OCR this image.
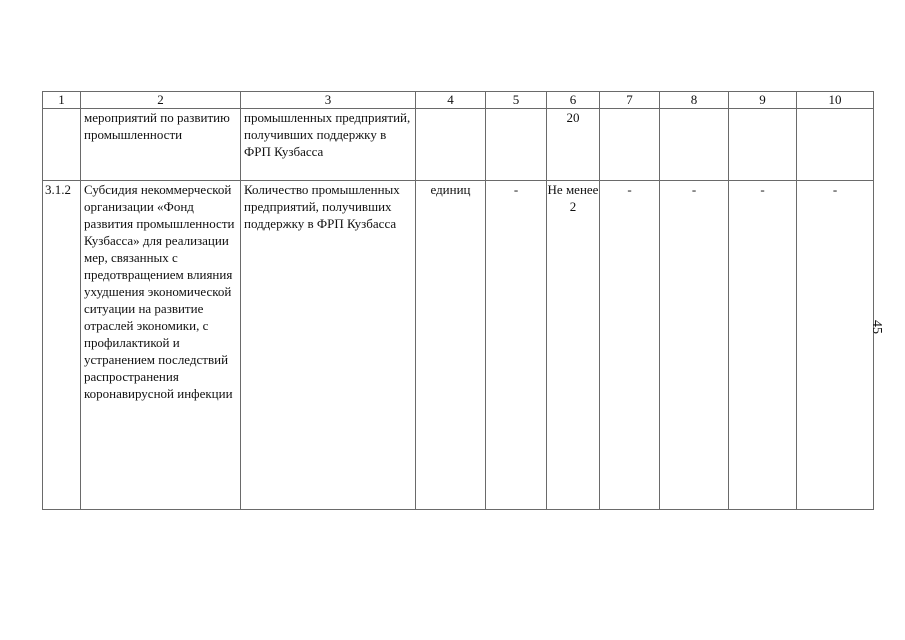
1	2	3	4	5	6	7	8	9	10
	мероприятий по развитию промышленности	промышленных предприятий, получивших поддержку в ФРП Кузбасса			20				
3.1.2	Субсидия некоммерческой организации «Фонд развития промышленности Кузбасса» для реализации мер, связанных с предотвращением влияния ухудшения экономической ситуации на развитие отраслей экономики, с профилактикой и устранением последствий распространения коронавирусной инфекции	Количество промышленных предприятий, получивших поддержку в ФРП Кузбасса	единиц	-	Не менее 2	-	-	-	-
45
